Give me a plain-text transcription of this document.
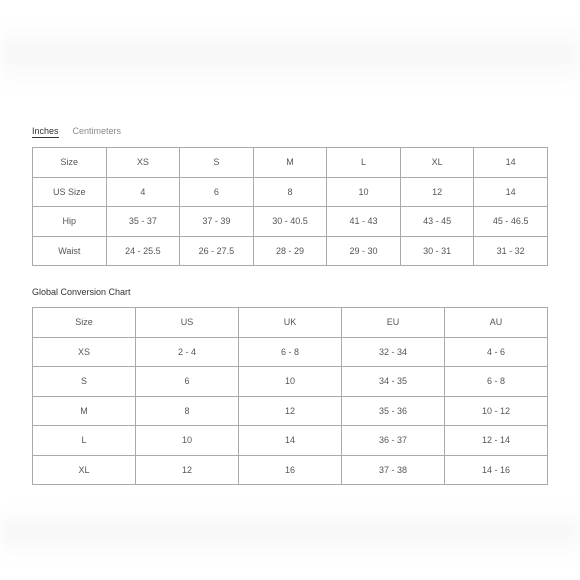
Inches Centimeters
Size	XS	S	M	L	XL	14
US Size	4	6	8	10	12	14
Hip	35 - 37	37 - 39	30 - 40.5	41 - 43	43 - 45	45 - 46.5
Waist	24 - 25.5	26 - 27.5	28 - 29	29 - 30	30 - 31	31 - 32
Global Conversion Chart
Size	US	UK	EU	AU
XS	2 - 4	6 - 8	32 - 34	4 - 6
S	6	10	34 - 35	6 - 8
M	8	12	35 - 36	10 - 12
L	10	14	36 - 37	12 - 14
XL	12	16	37 - 38	14 - 16
